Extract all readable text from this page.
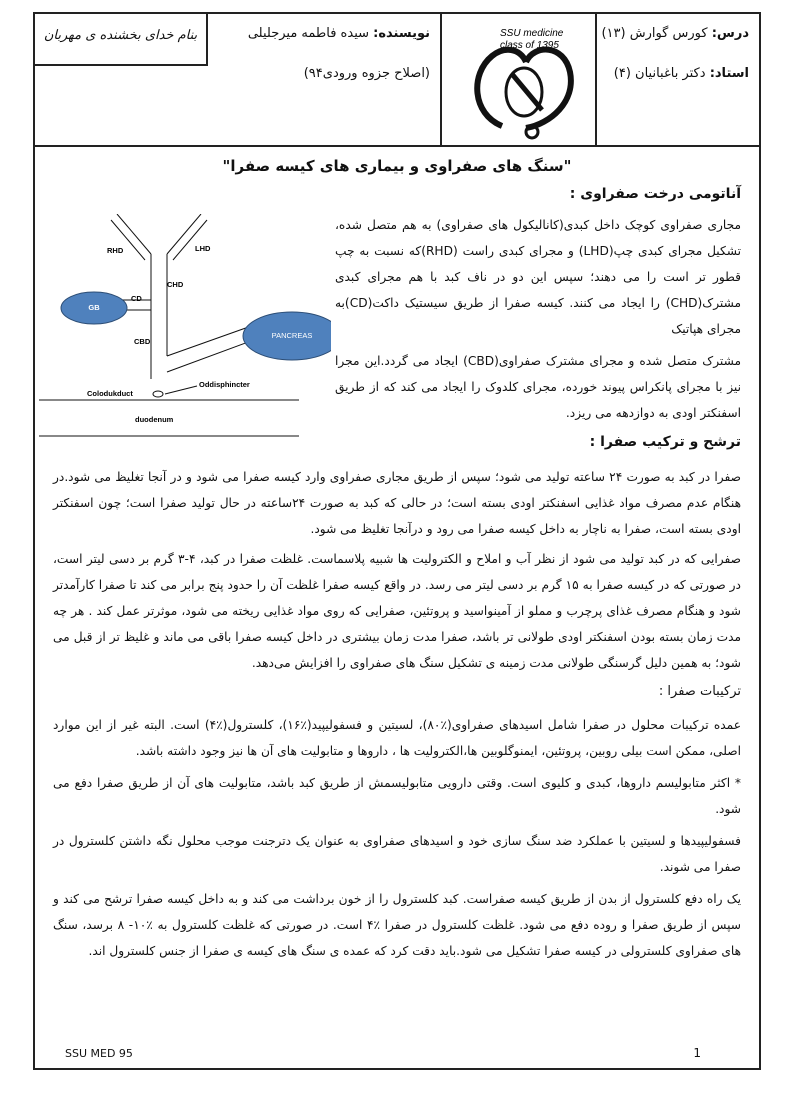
بنام خدای بخشنده ی مهربان	نویسنده: سیده فاطمه میرجلیلی
(اصلاح جزوه ورودی۹۴)
SSU medicine
class of 1395
درس: کورس گوارش (۱۳)
استاد: دکتر باغبانیان (۴)
"سنگ های صفراوی و بیماری های کیسه صفرا"
آناتومی درخت صفراوی :
RHD	LHD
CHD
CD
GB
CBD
PANCREAS
Oddisphincter
Colodukduct
duodenum

مجاری صفراوی کوچک داخل کبدی(کانالیکول های صفراوی) به هم متصل شده، تشکیل مجرای کبدی چپ(LHD) و مجرای کبدی راست (RHD)که نسبت به چپ قطور تر است را می دهند؛ سپس این دو در ناف کبد با هم مجرای کبدی مشترک(CHD) را ایجاد می کنند. کیسه صفرا از طریق سیستیک داکت(CD)به مجرای هپاتیک

مشترک متصل شده و مجرای مشترک صفراوی(CBD) ایجاد می گردد.این مجرا نیز با مجرای پانکراس پیوند خورده، مجرای کلدوک را ایجاد می کند که از طریق اسفنکتر اودی به دوازدهه می ریزد.

ترشح و ترکیب صفرا :

صفرا در کبد به صورت ۲۴ ساعته تولید می شود؛ سپس از طریق مجاری صفراوی وارد کیسه صفرا می شود و در آنجا تغلیظ می شود.در هنگام عدم مصرف مواد غذایی اسفنکتر اودی بسته است؛ در حالی که کبد به صورت ۲۴ساعته در حال تولید صفرا است؛ چون اسفنکتر اودی بسته است، صفرا به ناچار به داخل کیسه صفرا می رود و درآنجا تغلیظ می شود.

صفرایی که در کبد تولید می شود از نظر آب و املاح و الکترولیت ها شبیه پلاسماست. غلظت صفرا در کبد، ۴-۳ گرم بر دسی لیتر است، در صورتی که در کیسه صفرا به ۱۵ گرم بر دسی لیتر می رسد. در واقع کیسه صفرا غلظت آن را حدود پنج برابر می کند تا صفرا کارآمدتر شود و هنگام مصرف غذای پرچرب و مملو از آمینواسید و پروتئین، صفرایی که روی مواد غذایی ریخته می شود، موثرتر عمل کند . هر چه مدت زمان بسته بودن اسفنکتر اودی طولانی تر باشد، صفرا مدت زمان بیشتری در داخل کیسه صفرا باقی می ماند و غلیظ تر از قبل می شود؛ به همین دلیل گرسنگی طولانی مدت زمینه ی تشکیل سنگ های صفراوی را افزایش می‌دهد.

ترکیبات صفرا :

عمده ترکیبات محلول در صفرا شامل اسیدهای صفراوی(٪۸۰)، لسیتین و فسفولیپید(٪۱۶)، کلسترول(٪۴) است. البته غیر از این موارد اصلی، ممکن است بیلی روبین، پروتئین، ایمنوگلوبین ها،الکترولیت ها ، داروها و متابولیت های آن ها نیز وجود داشته باشد.

* اکثر متابولیسم داروها، کبدی و کلیوی است. وقتی دارویی متابولیسمش از طریق کبد باشد، متابولیت های آن از طریق صفرا دفع می شود.

فسفولیپیدها و لسیتین با عملکرد ضد سنگ سازی خود و اسیدهای صفراوی به عنوان یک دترجنت موجب محلول نگه داشتن کلسترول در صفرا می شوند.

یک راه دفع کلسترول از بدن از طریق کیسه صفراست. کبد کلسترول را از خون برداشت می کند و به داخل کیسه صفرا ترشح می کند و سپس از طریق صفرا و روده دفع می شود. غلظت کلسترول در صفرا ٪۴ است. در صورتی که غلظت کلسترول به ٪۱۰- ۸ برسد، سنگ های صفراوی کلسترولی در کیسه صفرا تشکیل می شود.باید دقت کرد که عمده ی سنگ های کیسه ی صفرا از جنس کلسترول اند.

SSU MED 95	1
